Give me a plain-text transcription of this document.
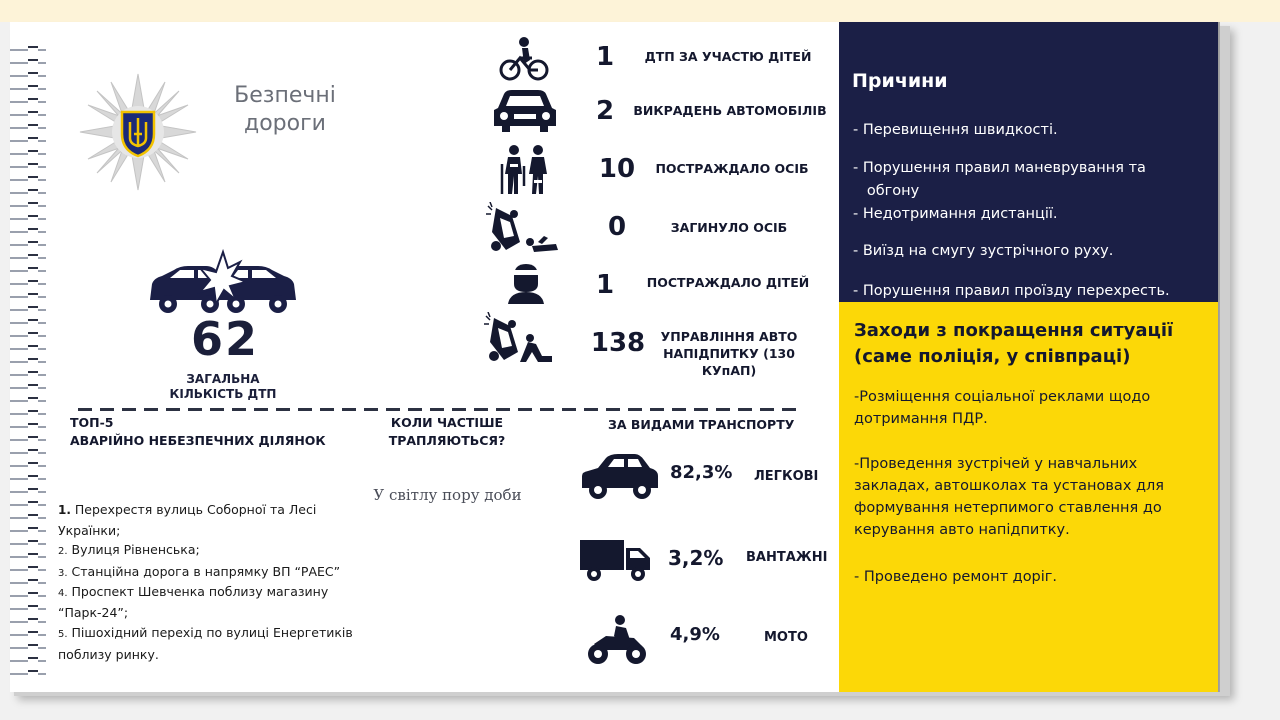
Безпечні
дороги
62
ЗАГАЛЬНА
КІЛЬКІСТЬ ДТП
1	ДТП ЗА УЧАСТЮ ДІТЕЙ
2	ВИКРАДЕНЬ АВТОМОБІЛІВ
10	ПОСТРАЖДАЛО ОСІБ
0	ЗАГИНУЛО ОСІБ
1	ПОСТРАЖДАЛО ДІТЕЙ
138	УПРАВЛІННЯ АВТО
НАПІДПИТКУ (130 КУпАП)
ТОП-5
АВАРІЙНО НЕБЕЗПЕЧНИХ ДІЛЯНОК
1. Перехрестя вулиць Соборної та Лесі
Українки;
2. Вулиця Рівненська;
3. Станційна дорога в напрямку ВП “РАЕС”
4. Проспект Шевченка поблизу магазину
“Парк-24”;
5. Пішохідний перехід по вулиці Енергетиків
поблизу ринку.
КОЛИ ЧАСТІШЕ
ТРАПЛЯЮТЬСЯ?
У світлу пору доби
ЗА ВИДАМИ ТРАНСПОРТУ
82,3% ЛЕГКОВІ
3,2% ВАНТАЖНІ
4,9%	МОТО
Причини
- Перевищення швидкості.
- Порушення правил маневрування та
обгону
- Недотримання дистанції.
- Виїзд на смугу зустрічного руху.
- Порушення правил проїзду перехресть.
Заходи з покращення ситуації
(саме поліція, у співпраці)
-Розміщення соціальної реклами щодо
дотримання ПДР.
-Проведення зустрічей у навчальних
закладах, автошколах та установах для
формування нетерпимого ставлення до
керування авто напідпитку.
- Проведено ремонт доріг.
